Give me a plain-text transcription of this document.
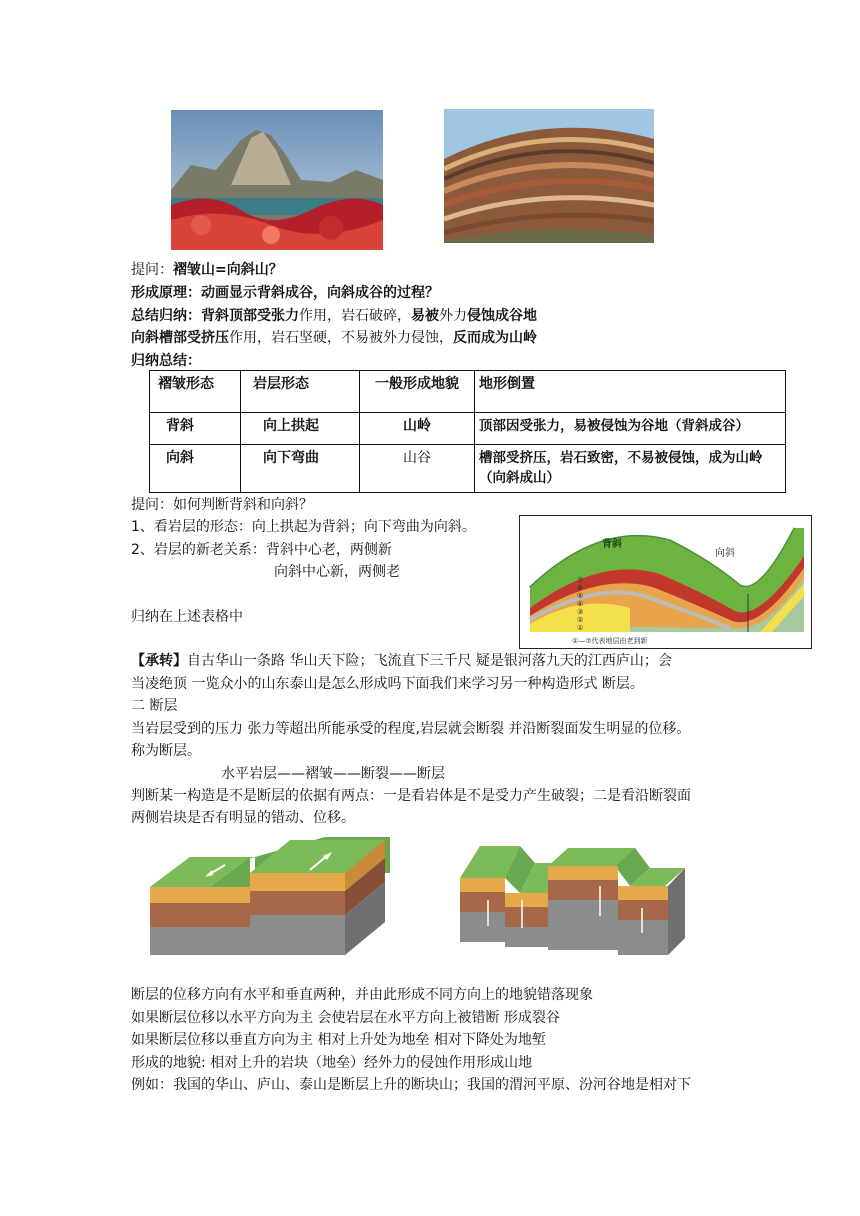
提问：褶皱山=向斜山？
形成原理：动画显示背斜成谷，向斜成谷的过程？
总结归纳：背斜顶部受张力作用，岩石破碎，易被外力侵蚀成谷地
向斜槽部受挤压作用，岩石坚硬，不易被外力侵蚀，反而成为山岭
归纳总结：
褶皱形态	岩层形态	一般形成地貌	地形倒置
背斜	向上拱起	山岭	顶部因受张力，易被侵蚀为谷地（背斜成谷）
向斜	向下弯曲	山谷	槽部受挤压，岩石致密，不易被侵蚀，成为山岭（向斜成山）
提问：如何判断背斜和向斜？
1、看岩层的形态：向上拱起为背斜；向下弯曲为向斜。
2、岩层的新老关系：背斜中心老，两侧新
向斜中心新，两侧老
归纳在上述表格中
背斜
向斜
⑦
⑥
⑤
④
③
②
①
①—⑦代表地层由老到新
【承转】自古华山一条路 华山天下险；飞流直下三千尺 疑是银河落九天的江西庐山；会
当凌绝顶 一览众小的山东泰山是怎么形成吗下面我们来学习另一种构造形式 断层。
二 断层
当岩层受到的压力 张力等超出所能承受的程度,岩层就会断裂 并沿断裂面发生明显的位移。
称为断层。
水平岩层——褶皱——断裂——断层
判断某一构造是不是断层的依据有两点：一是看岩体是不是受力产生破裂；二是看沿断裂面
两侧岩块是否有明显的错动、位移。
断层的位移方向有水平和垂直两种，并由此形成不同方向上的地貌错落现象
如果断层位移以水平方向为主 会使岩层在水平方向上被错断 形成裂谷
如果断层位移以垂直方向为主 相对上升处为地垒 相对下降处为地堑
形成的地貌: 相对上升的岩块（地垒）经外力的侵蚀作用形成山地
例如：我国的华山、庐山、泰山是断层上升的断块山；我国的渭河平原、汾河谷地是相对下
